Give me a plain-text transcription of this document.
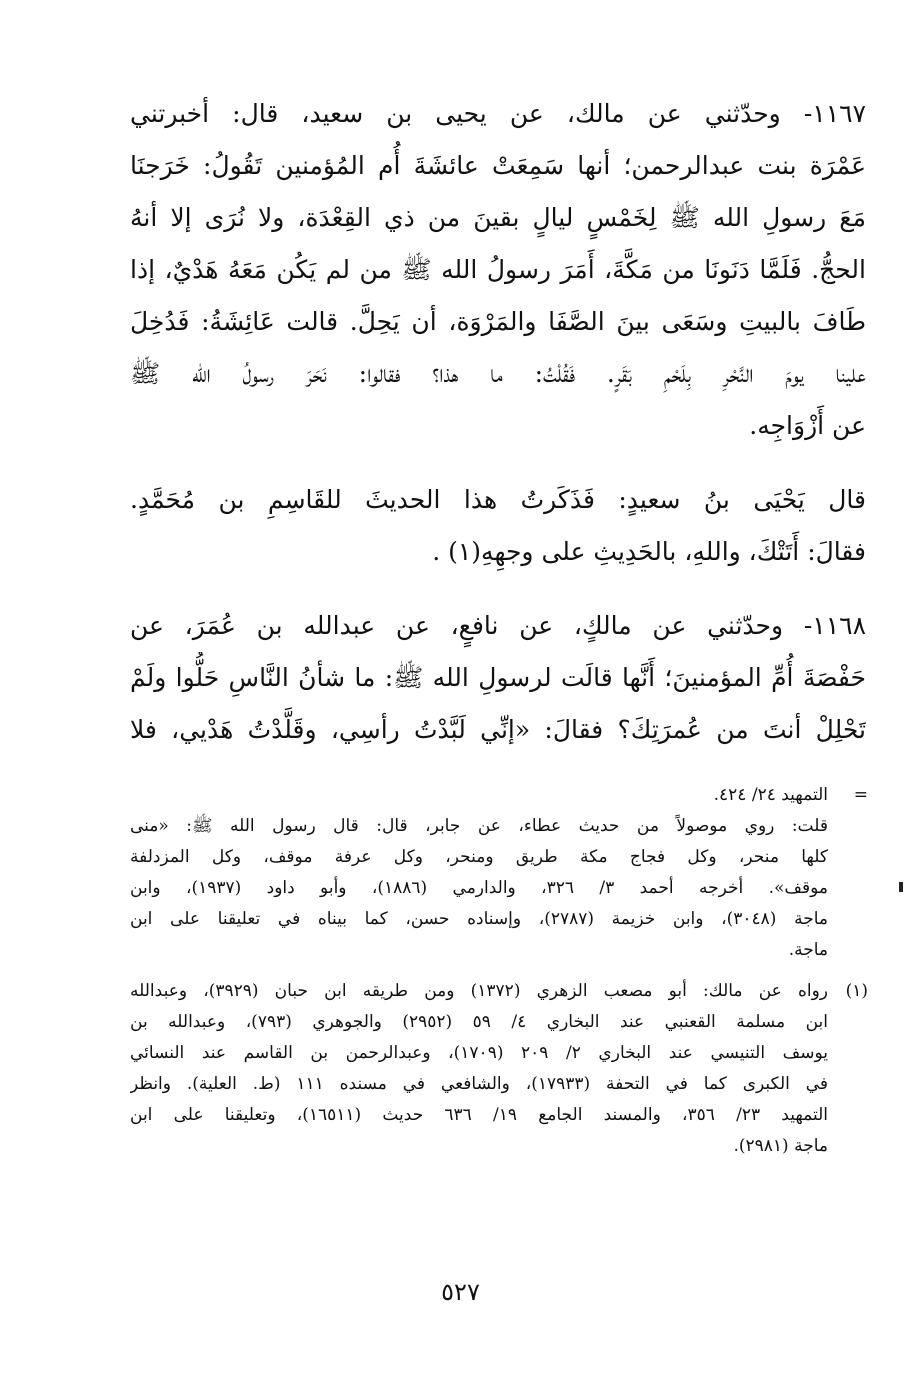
١١٦٧- وحدّثني عن مالك، عن يحيى بن سعيد، قال: أخبرتني
عَمْرَة بنت عبدالرحمن؛ أنها سَمِعَتْ عائشَةَ أُم المُؤمنين تَقُولُ: خَرَجنَا
مَعَ رسولِ الله ﷺ لِخَمْسٍ ليالٍ بقينَ من ذي القِعْدَة، ولا نُرَى إلا أنهُ
الحجُّ. فَلَمَّا دَنَونَا من مَكَّةَ، أَمَرَ رسولُ الله ﷺ من لم يَكُن مَعَهُ هَدْيٌ، إذا
طَافَ بالبيتِ وسَعَى بينَ الصَّفَا والمَرْوَة، أن يَحِلَّ. قالت عَائِشَةُ: فَدُخِلَ
علينا يومَ النَّحْرِ بِلَحْمِ بَقَرٍ. فَقُلْتُ: ما هذا؟ فقالوا: نَحَرَ رسولُ الله ﷺ
عن أَزْوَاجِه.
قال يَحْيَى بنُ سعيدٍ: فَذَكَرتُ هذا الحديثَ للقَاسِمِ بن مُحَمَّدٍ.
فقالَ: أَتَتْكَ، واللهِ، بالحَدِيثِ على وجهِهِ(١) .
١١٦٨- وحدّثني عن مالكٍ، عن نافعٍ، عن عبدالله بن عُمَرَ، عن
حَفْصَةَ أُمِّ المؤمنينَ؛ أَنَّها قالَت لرسولِ الله ﷺ: ما شأنُ النَّاسِ حَلُّوا ولَمْ
تَحْلِلْ أنتَ من عُمرَتِكَ؟ فقالَ: «إنِّي لَبَّدْتُ رأسِي، وقَلَّدْتُ هَدْيي، فلا
=
التمهيد ٢٤/ ٤٢٤.
قلت: روي موصولاً من حديث عطاء، عن جابر، قال: قال رسول الله ﷺ: «منى
كلها منحر، وكل فجاج مكة طريق ومنحر، وكل عرفة موقف، وكل المزدلفة
موقف». أخرجه أحمد ٣/ ٣٢٦، والدارمي (١٨٨٦)، وأبو داود (١٩٣٧)، وابن
ماجة (٣٠٤٨)، وابن خزيمة (٢٧٨٧)، وإسناده حسن، كما بيناه في تعليقنا على ابن
ماجة.
(١)
رواه عن مالك: أبو مصعب الزهري (١٣٧٢) ومن طريقه ابن حبان (٣٩٢٩)، وعبدالله
ابن مسلمة القعنبي عند البخاري ٤/ ٥٩ (٢٩٥٢) والجوهري (٧٩٣)، وعبدالله بن
يوسف التنيسي عند البخاري ٢/ ٢٠٩ (١٧٠٩)، وعبدالرحمن بن القاسم عند النسائي
في الكبرى كما في التحفة (١٧٩٣٣)، والشافعي في مسنده ١١١ (ط. العلية). وانظر
التمهيد ٢٣/ ٣٥٦، والمسند الجامع ١٩/ ٦٣٦ حديث (١٦٥١١)، وتعليقنا على ابن
ماجة (٢٩٨١).
٥٢٧
